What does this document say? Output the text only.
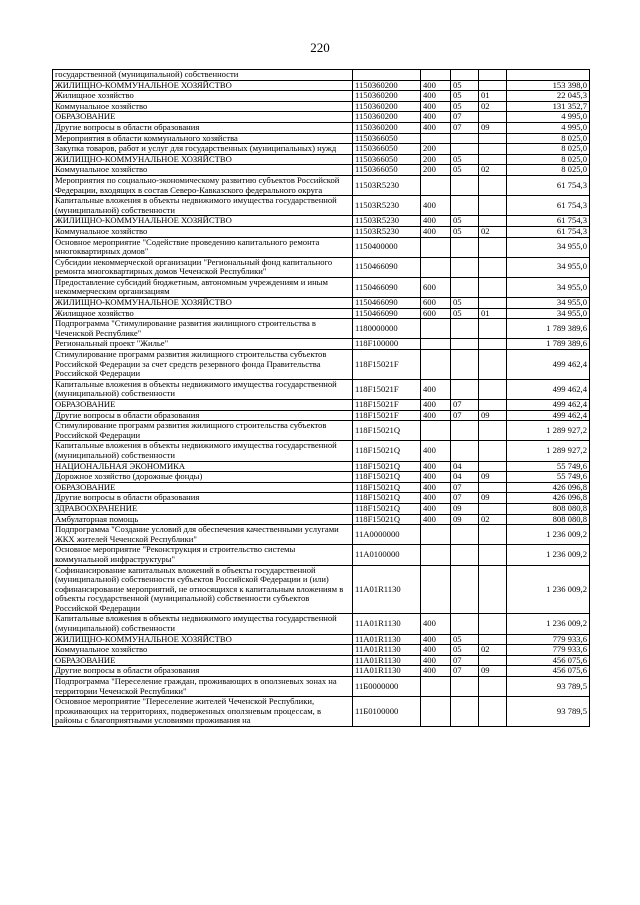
220
государственной (муниципальной) собственности					
ЖИЛИЩНО-КОММУНАЛЬНОЕ ХОЗЯЙСТВО	1150360200	400	05		153 398,0
Жилищное хозяйство	1150360200	400	05	01	22 045,3
Коммунальное хозяйство	1150360200	400	05	02	131 352,7
ОБРАЗОВАНИЕ	1150360200	400	07		4 995,0
Другие вопросы в области образования	1150360200	400	07	09	4 995,0
Мероприятия в области коммунального хозяйства	1150366050				8 025,0
Закупка товаров, работ и услуг для государственных (муниципальных) нужд	1150366050	200			8 025,0
ЖИЛИЩНО-КОММУНАЛЬНОЕ ХОЗЯЙСТВО	1150366050	200	05		8 025,0
Коммунальное хозяйство	1150366050	200	05	02	8 025,0
Мероприятия по социально-экономическому развитию субъектов Российской Федерации, входящих в состав Северо-Кавказского федерального округа	11503R5230				61 754,3
Капитальные вложения в объекты недвижимого имущества государственной (муниципальной) собственности	11503R5230	400			61 754,3
ЖИЛИЩНО-КОММУНАЛЬНОЕ ХОЗЯЙСТВО	11503R5230	400	05		61 754,3
Коммунальное хозяйство	11503R5230	400	05	02	61 754,3
Основное мероприятие "Содействие проведению капитального ремонта многоквартирных домов"	1150400000				34 955,0
Субсидии некоммерческой организации "Региональный фонд капитального ремонта многоквартирных домов Чеченской Республики"	1150466090				34 955,0
Предоставление субсидий бюджетным, автономным учреждениям и иным некоммерческим организациям	1150466090	600			34 955,0
ЖИЛИЩНО-КОММУНАЛЬНОЕ ХОЗЯЙСТВО	1150466090	600	05		34 955,0
Жилищное хозяйство	1150466090	600	05	01	34 955,0
Подпрограмма "Стимулирование развития жилищного строительства в Чеченской Республике"	1180000000				1 789 389,6
Региональный проект "Жилье"	118F100000				1 789 389,6
Стимулирование программ развития жилищного строительства субъектов Российской Федерации за счет средств резервного фонда Правительства Российской Федерации	118F15021F				499 462,4
Капитальные вложения в объекты недвижимого имущества государственной (муниципальной) собственности	118F15021F	400			499 462,4
ОБРАЗОВАНИЕ	118F15021F	400	07		499 462,4
Другие вопросы в области образования	118F15021F	400	07	09	499 462,4
Стимулирование программ развития жилищного строительства субъектов Российской Федерации	118F15021Q				1 289 927,2
Капитальные вложения в объекты недвижимого имущества государственной (муниципальной) собственности	118F15021Q	400			1 289 927,2
НАЦИОНАЛЬНАЯ ЭКОНОМИКА	118F15021Q	400	04		55 749,6
Дорожное хозяйство (дорожные фонды)	118F15021Q	400	04	09	55 749,6
ОБРАЗОВАНИЕ	118F15021Q	400	07		426 096,8
Другие вопросы в области образования	118F15021Q	400	07	09	426 096,8
ЗДРАВООХРАНЕНИЕ	118F15021Q	400	09		808 080,8
Амбулаторная помощь	118F15021Q	400	09	02	808 080,8
Подпрограмма "Создание условий для обеспечения качественными услугами ЖКХ жителей Чеченской Республики"	11A0000000				1 236 009,2
Основное мероприятие "Реконструкция и строительство системы коммунальной инфраструктуры"	11A0100000				1 236 009,2
Софинансирование капитальных вложений в объекты государственной (муниципальной) собственности субъектов Российской Федерации и (или) софинансирование мероприятий, не относящихся к капитальным вложениям в объекты государственной (муниципальной) собственности субъектов Российской Федерации	11A01R1130				1 236 009,2
Капитальные вложения в объекты недвижимого имущества государственной (муниципальной) собственности	11A01R1130	400			1 236 009,2
ЖИЛИЩНО-КОММУНАЛЬНОЕ ХОЗЯЙСТВО	11A01R1130	400	05		779 933,6
Коммунальное хозяйство	11A01R1130	400	05	02	779 933,6
ОБРАЗОВАНИЕ	11A01R1130	400	07		456 075,6
Другие вопросы в области образования	11A01R1130	400	07	09	456 075,6
Подпрограмма "Переселение граждан, проживающих в оползневых зонах на территории Чеченской Республики"	11Б0000000				93 789,5
Основное мероприятие "Переселение жителей Чеченской Республики, проживающих на территориях, подверженных оползневым процессам, в районы с благоприятными условиями проживания на	11Б0100000				93 789,5
